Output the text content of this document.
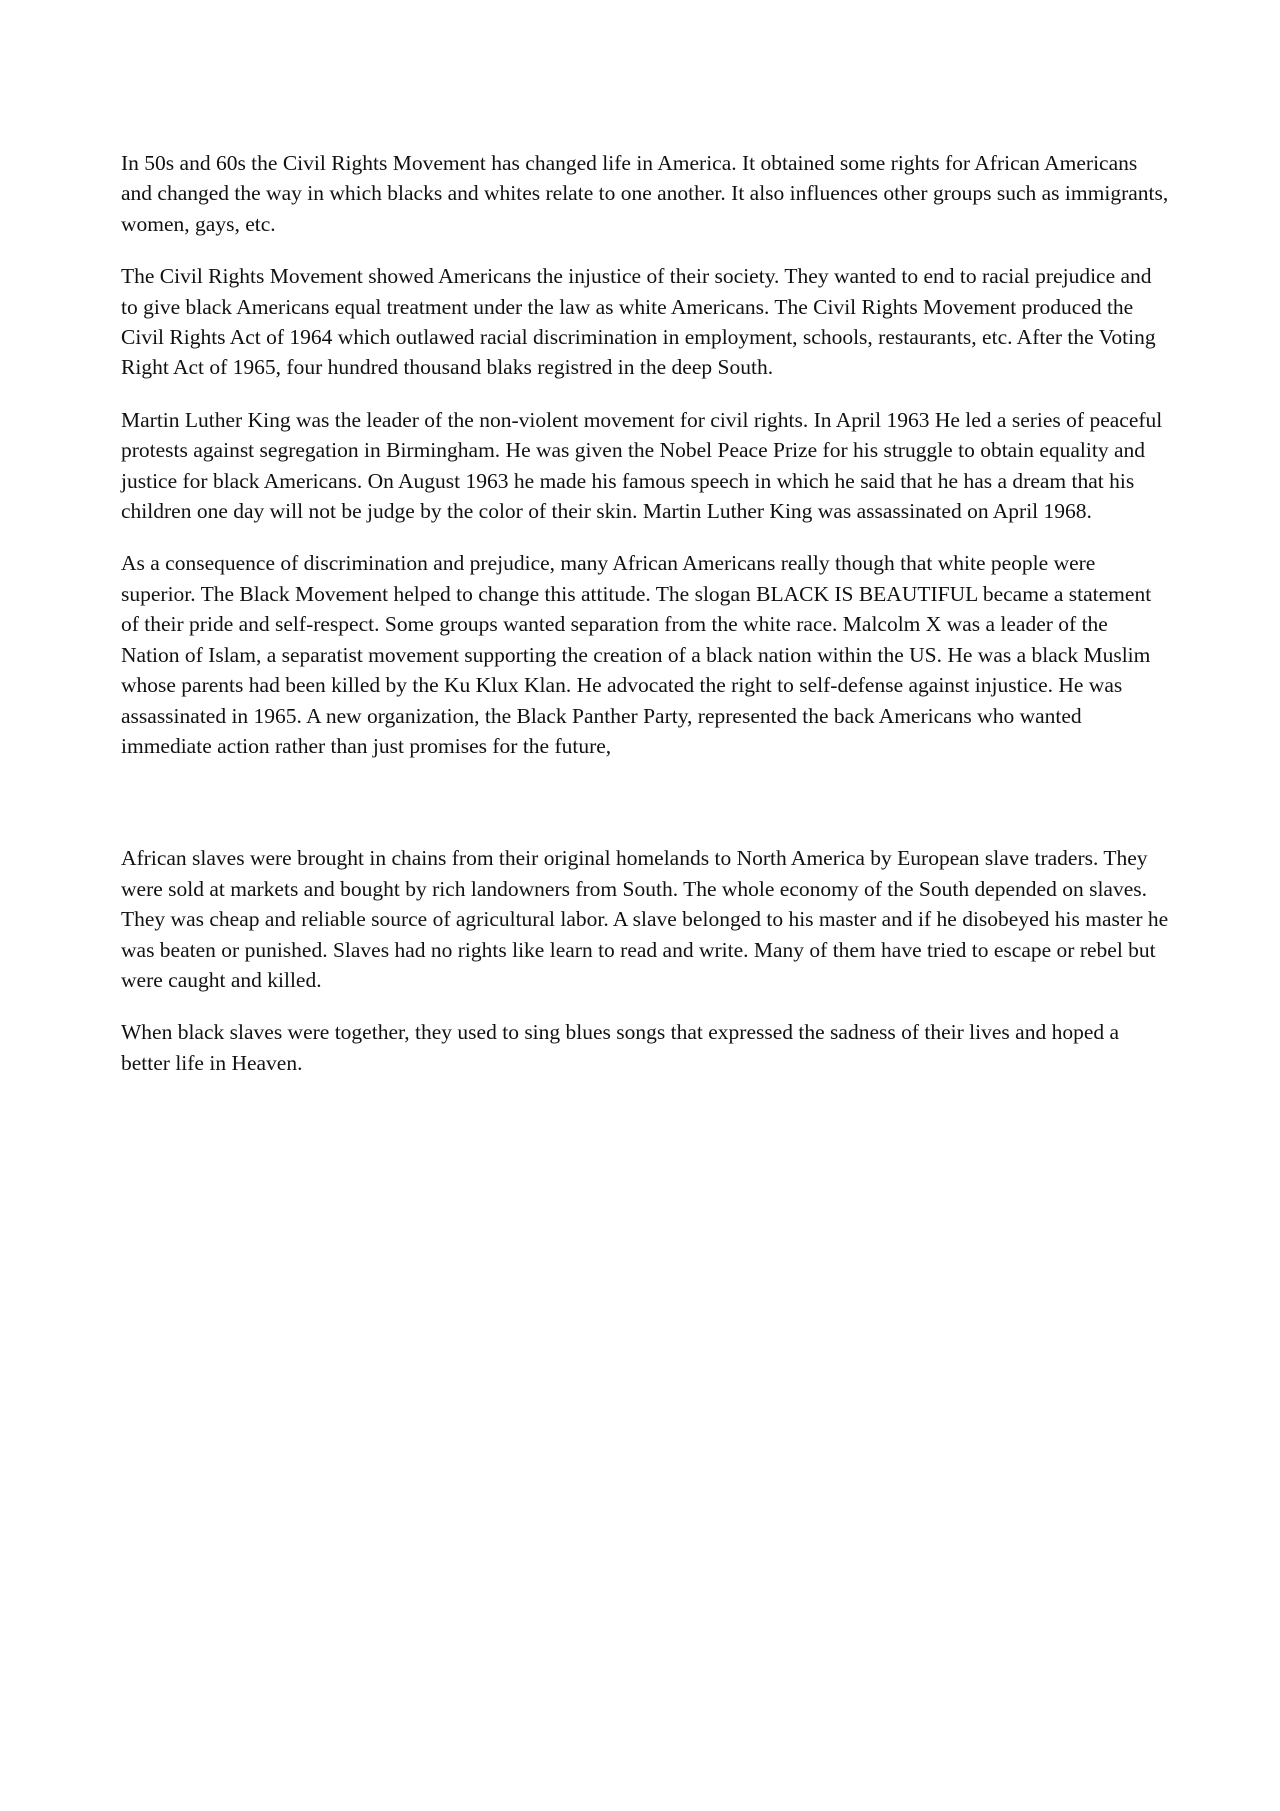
In 50s and 60s the Civil Rights Movement has changed life in America. It obtained some rights for African Americans and changed the way in which blacks and whites relate to one another. It also influences other groups such as immigrants, women, gays, etc.

The Civil Rights Movement showed Americans the injustice of their society. They wanted to end to racial prejudice and to give black Americans equal treatment under the law as white Americans. The Civil Rights Movement produced the Civil Rights Act of 1964 which outlawed racial discrimination in employment, schools, restaurants, etc. After the Voting Right Act of 1965, four hundred thousand blaks registred in the deep South.

Martin Luther King was the leader of the non-violent movement for civil rights. In April 1963 He led a series of peaceful protests against segregation in Birmingham. He was given the Nobel Peace Prize for his struggle to obtain equality and justice for black Americans. On August 1963 he made his famous speech in which he said that he has a dream that his children one day will not be judge by the color of their skin. Martin Luther King was assassinated on April 1968.

As a consequence of discrimination and prejudice, many African Americans really though that white people were superior. The Black Movement helped to change this attitude. The slogan BLACK IS BEAUTIFUL became a statement of their pride and self-respect. Some groups wanted separation from the white race. Malcolm X was a leader of the Nation of Islam, a separatist movement supporting the creation of a black nation within the US. He was a black Muslim whose parents had been killed by the Ku Klux Klan. He advocated the right to self-defense against injustice. He was assassinated in 1965. A new organization, the Black Panther Party, represented the back Americans who wanted immediate action rather than just promises for the future,

African slaves were brought in chains from their original homelands to North America by European slave traders. They were sold at markets and bought by rich landowners from South. The whole economy of the South depended on slaves. They was cheap and reliable source of agricultural labor. A slave belonged to his master and if he disobeyed his master he was beaten or punished. Slaves had no rights like learn to read and write. Many of them have tried to escape or rebel but were caught and killed.

When black slaves were together, they used to sing blues songs that expressed the sadness of their lives and hoped a better life in Heaven.
